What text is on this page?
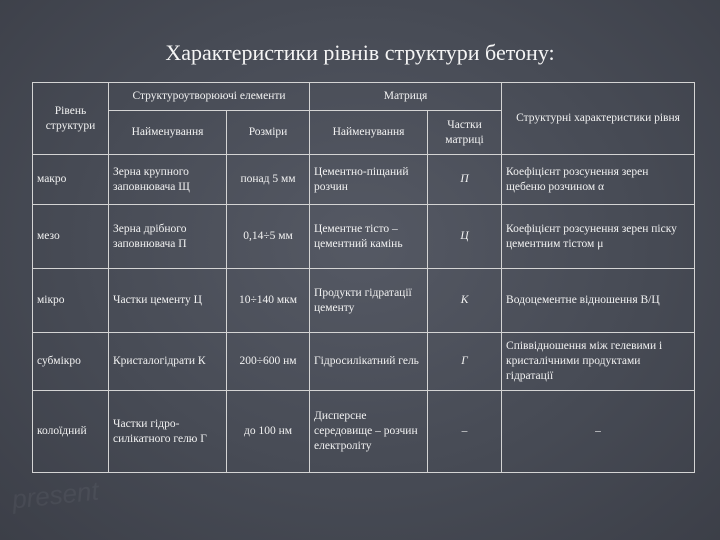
present
Характеристики рівнів структури бетону:
Рівень структури	Структуроутворюючі елементи		Матриця		Структурні характеристики рівня
	Найменування	Розміри	Найменування	Частки матриці	
макро	Зерна крупного заповнювача Щ	понад 5 мм	Цементно-піщаний розчин	П	Коефіцієнт розсунення зерен щебеню розчином α
мезо	Зерна дрібного заповнювача П	0,14÷5 мм	Цементне тісто – цементний камінь	Ц	Коефіцієнт розсунення зерен піску цементним тістом μ
мікро	Частки цементу Ц	10÷140 мкм	Продукти гідратації цементу	К	Водоцементне відношення В/Ц
субмікро	Кристалогідрати К	200÷600 нм	Гідросилікатний гель	Г	Співвідношення між гелевими і кристалічними продуктами гідратації
колоїдний	Частки гідро-силікатного гелю Г	до 100 нм	Дисперсне середовище – розчин електроліту	–	–
